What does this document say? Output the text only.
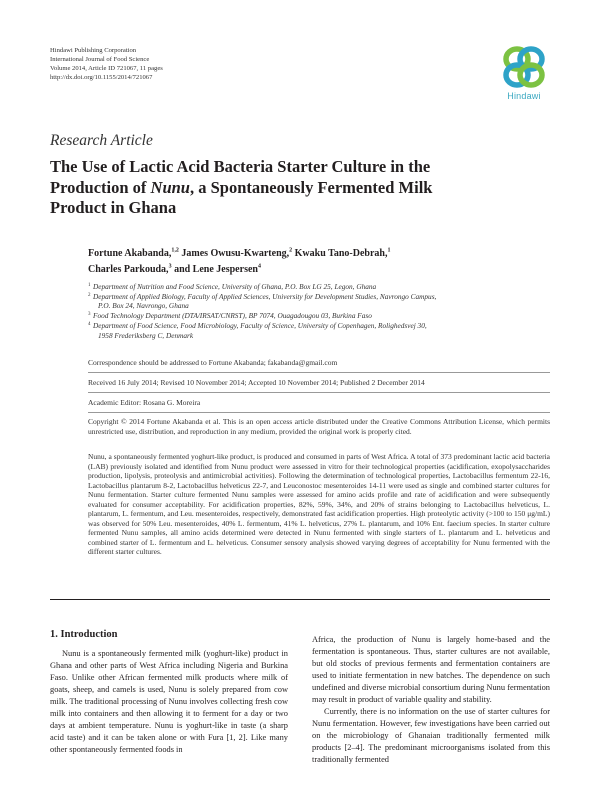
Hindawi Publishing Corporation
International Journal of Food Science
Volume 2014, Article ID 721067, 11 pages
http://dx.doi.org/10.1155/2014/721067
Hindawi
Research Article
The Use of Lactic Acid Bacteria Starter Culture in the Production of Nunu, a Spontaneously Fermented Milk Product in Ghana
Fortune Akabanda,$^{1,2}$ James Owusu-Kwarteng,$^2$ Kwaku Tano-Debrah,$^1$
Charles Parkouda,$^3$ and Lene Jespersen$^4$
1 Department of Nutrition and Food Science, University of Ghana, P.O. Box LG 25, Legon, Ghana
2 Department of Applied Biology, Faculty of Applied Sciences, University for Development Studies, Navrongo Campus,
P.O. Box 24, Navrongo, Ghana
3 Food Technology Department (DTA/IRSAT/CNRST), BP 7074, Ouagadougou 03, Burkina Faso
4 Department of Food Science, Food Microbiology, Faculty of Science, University of Copenhagen, Rolighedsvej 30,
1958 Frederiksberg C, Denmark
Correspondence should be addressed to Fortune Akabanda; fakabanda@gmail.com
Received 16 July 2014; Revised 10 November 2014; Accepted 10 November 2014; Published 2 December 2014
Academic Editor: Rosana G. Moreira
Copyright © 2014 Fortune Akabanda et al. This is an open access article distributed under the Creative Commons Attribution License, which permits unrestricted use, distribution, and reproduction in any medium, provided the original work is properly cited.

Nunu, a spontaneously fermented yoghurt-like product, is produced and consumed in parts of West Africa. A total of 373 predominant lactic acid bacteria (LAB) previously isolated and identified from Nunu product were assessed in vitro for their technological properties (acidification, exopolysaccharides production, lipolysis, proteolysis and antimicrobial activities). Following the determination of technological properties, Lactobacillus fermentum 22-16, Lactobacillus plantarum 8-2, Lactobacillus helveticus 22-7, and Leuconostoc mesenteroides 14-11 were used as single and combined starter cultures for Nunu fermentation. Starter culture fermented Nunu samples were assessed for amino acids profile and rate of acidification and were subsequently evaluated for consumer acceptability. For acidification properties, 82%, 59%, 34%, and 20% of strains belonging to Lactobacillus helveticus, L. plantarum, L. fermentum, and Leu. mesenteroides, respectively, demonstrated fast acidification properties. High proteolytic activity (>100 to 150 μg/mL) was observed for 50% Leu. mesenteroides, 40% L. fermentum, 41% L. helveticus, 27% L. plantarum, and 10% Ent. faecium species. In starter culture fermented Nunu samples, all amino acids determined were detected in Nunu fermented with single starters of L. plantarum and L. helveticus and combined starter of L. fermentum and L. helveticus. Consumer sensory analysis showed varying degrees of acceptability for Nunu fermented with the different starter cultures.

1. Introduction

Nunu is a spontaneously fermented milk (yoghurt-like) product in Ghana and other parts of West Africa including Nigeria and Burkina Faso. Unlike other African fermented milk products where milk of goats, sheep, and camels is used, Nunu is solely prepared from cow milk. The traditional processing of Nunu involves collecting fresh cow milk into containers and then allowing it to ferment for a day or two days at ambient temperature. Nunu is yoghurt-like in taste (a sharp acid taste) and it can be taken alone or with Fura [1, 2]. Like many other spontaneously fermented foods in

Africa, the production of Nunu is largely home-based and the fermentation is spontaneous. Thus, starter cultures are not available, but old stocks of previous ferments and fermentation containers are used to initiate fermentation in new batches. The dependence on such undefined and diverse microbial consortium during Nunu fermentation may result in product of variable quality and stability.

Currently, there is no information on the use of starter cultures for Nunu fermentation. However, few investigations have been carried out on the microbiology of Ghanaian traditionally fermented milk products [2–4]. The predominant microorganisms isolated from this traditionally fermented
